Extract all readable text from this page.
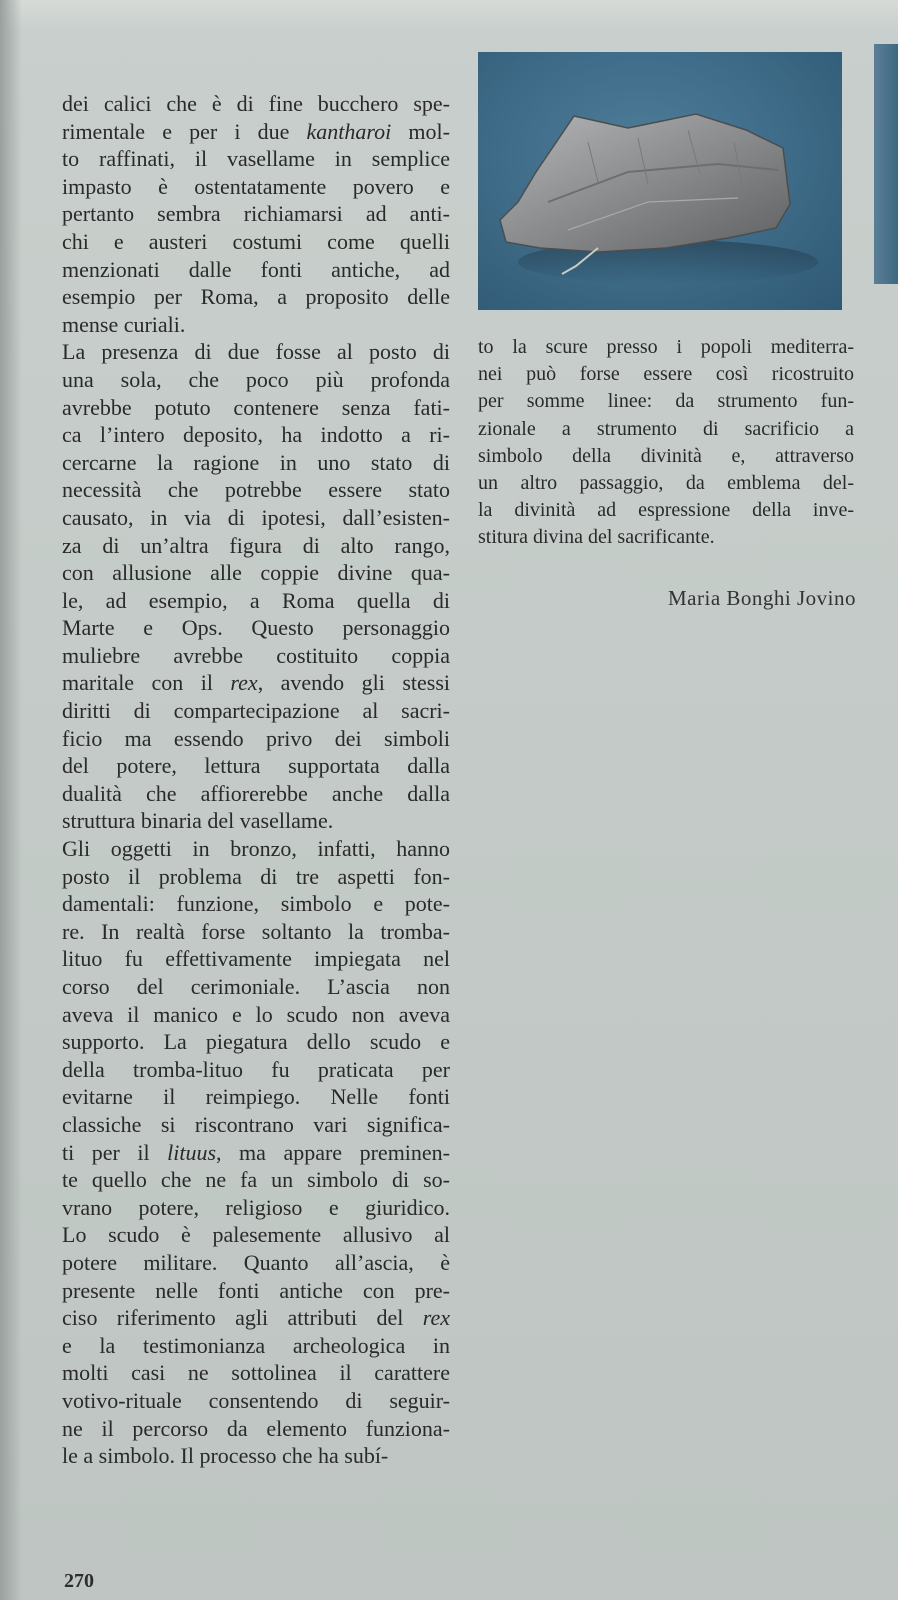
dei calici che è di fine bucchero spe-
rimentale e per i due kantharoi mol-
to raffinati, il vasellame in semplice
impasto è ostentatamente povero e
pertanto sembra richiamarsi ad anti-
chi e austeri costumi come quelli
menzionati dalle fonti antiche, ad
esempio per Roma, a proposito delle
mense curiali.
La presenza di due fosse al posto di
una sola, che poco più profonda
avrebbe potuto contenere senza fati-
ca l’intero deposito, ha indotto a ri-
cercarne la ragione in uno stato di
necessità che potrebbe essere stato
causato, in via di ipotesi, dall’esisten-
za di un’altra figura di alto rango,
con allusione alle coppie divine qua-
le, ad esempio, a Roma quella di
Marte e Ops. Questo personaggio
muliebre avrebbe costituito coppia
maritale con il rex, avendo gli stessi
diritti di compartecipazione al sacri-
ficio ma essendo privo dei simboli
del potere, lettura supportata dalla
dualità che affiorerebbe anche dalla
struttura binaria del vasellame.
Gli oggetti in bronzo, infatti, hanno
posto il problema di tre aspetti fon-
damentali: funzione, simbolo e pote-
re. In realtà forse soltanto la tromba-
lituo fu effettivamente impiegata nel
corso del cerimoniale. L’ascia non
aveva il manico e lo scudo non aveva
supporto. La piegatura dello scudo e
della tromba-lituo fu praticata per
evitarne il reimpiego. Nelle fonti
classiche si riscontrano vari significa-
ti per il lituus, ma appare preminen-
te quello che ne fa un simbolo di so-
vrano potere, religioso e giuridico.
Lo scudo è palesemente allusivo al
potere militare. Quanto all’ascia, è
presente nelle fonti antiche con pre-
ciso riferimento agli attributi del rex
e la testimonianza archeologica in
molti casi ne sottolinea il carattere
votivo-rituale consentendo di seguir-
ne il percorso da elemento funziona-
le a simbolo. Il processo che ha subí-
to la scure presso i popoli mediterra-
nei può forse essere così ricostruito
per somme linee: da strumento fun-
zionale a strumento di sacrificio a
simbolo della divinità e, attraverso
un altro passaggio, da emblema del-
la divinità ad espressione della inve-
stitura divina del sacrificante.
Maria Bonghi Jovino
270
